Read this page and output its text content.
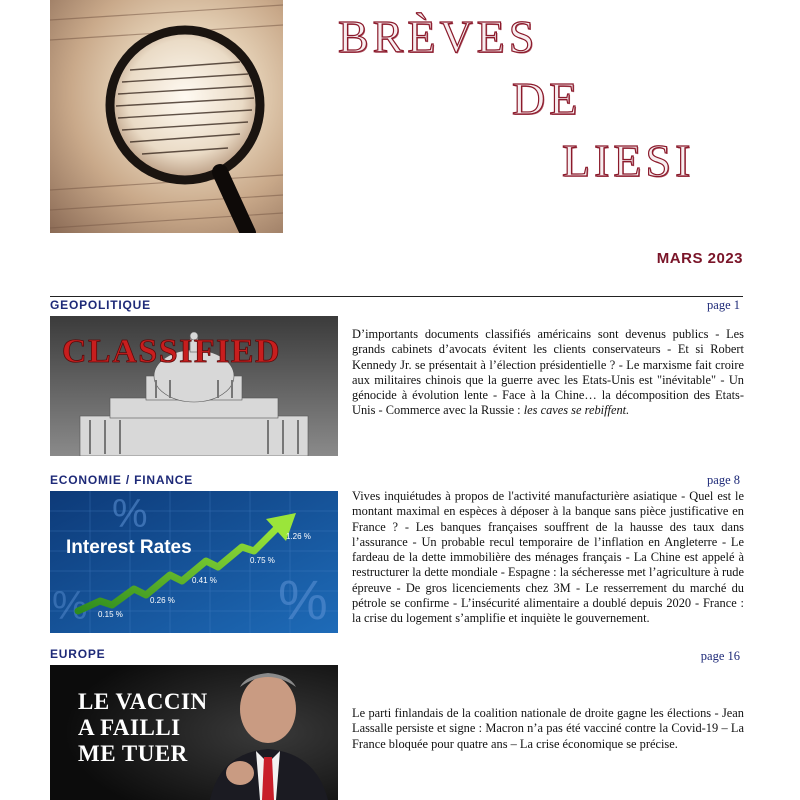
BRÈVES
DE
LIESI
MARS 2023
GEOPOLITIQUE	page 1
CLASSIFIED	D’importants documents classifiés américains sont devenus publics - Les grands cabinets d’avocats évitent les clients conservateurs - Et si Robert Kennedy Jr. se présentait à l’élection présidentielle ? - Le marxisme fait croire aux militaires chinois que la guerre avec les Etats-Unis est "inévitable" - Un génocide à évolution lente - Face à la Chine… la décomposition des Etats-Unis - Commerce avec la Russie : les caves se rebiffent.
ECONOMIE / FINANCE	page 8
%
%
%
Interest Rates
0.15 %
0.26 %
0.41 %
0.75 %
1.26 %
Vives inquiétudes à propos de l'activité manufacturière asiatique - Quel est le montant maximal en espèces à déposer à la banque sans pièce justificative en France ? - Les banques françaises souffrent de la hausse des taux dans l’assurance - Un probable recul temporaire de l’inflation en Angleterre - Le fardeau de la dette immobilière des ménages français - La Chine est appelé à restructurer la dette mondiale - Espagne : la sécheresse met l’agriculture à rude épreuve - De gros licenciements chez 3M - Le resserrement du marché du pétrole se confirme - L’insécurité alimentaire a doublé depuis 2020 - France : la crise du logement s’amplifie et inquiète le gouvernement.
EUROPE	page 16
LE VACCIN
A FAILLI
ME TUER
Le parti finlandais de la coalition nationale de droite gagne les élections - Jean Lassalle persiste et signe : Macron n’a pas été vacciné contre la Covid-19 – La France bloquée pour quatre ans – La crise économique se précise.
